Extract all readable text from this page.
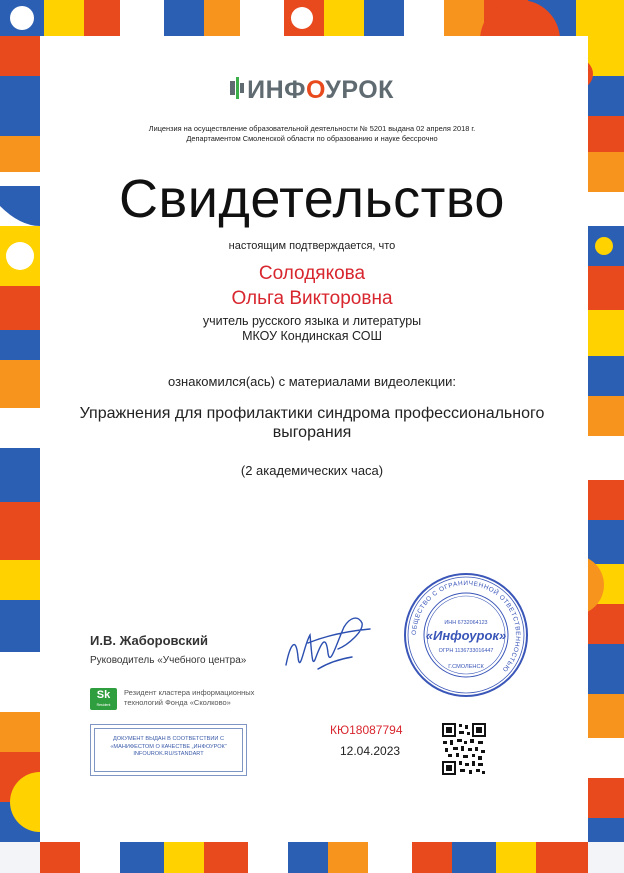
ИНФОУРОК
Лицензия на осуществление образовательной деятельности № 5201 выдана 02 апреля 2018 г.
Департаментом Смоленской области по образованию и науке бессрочно
Свидетельство
настоящим подтверждается, что
Солодякова
Ольга Викторовна
учитель русского языка и литературы
МКОУ Кондинская СОШ
ознакомился(ась) с материалами видеолекции:
Упражнения для профилактики синдрома профессионального
выгорания
(2 академических часа)
И.В. Жаборовский
Руководитель «Учебного центра»
ОБЩЕСТВО С ОГРАНИЧЕННОЙ ОТВЕТСТВЕННОСТЬЮ
ИНН 6732064123
«Инфоурок»
ОГРН 1136733016447
Г.СМОЛЕНСК
Sk
Resident
Резидент кластера информационных
технологий Фонда «Сколково»
ДОКУМЕНТ ВЫДАН В СООТВЕТСТВИИ С
«МАНИФЕСТОМ О КАЧЕСТВЕ „ИНФОУРОК“
INFOUROK.RU/STANDART
КЮ18087794
12.04.2023
